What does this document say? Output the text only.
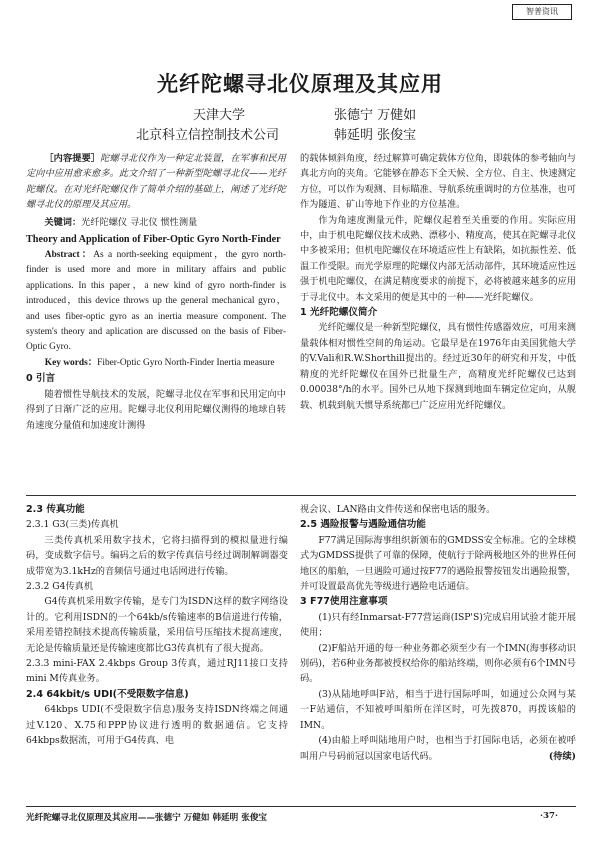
智普资讯
光纤陀螺寻北仪原理及其应用
天津大学	张德宁 万健如
北京科立信控制技术公司	韩延明 张俊宝

［内容提要］陀螺寻北仪作为一种定北装置，在军事和民用定向中应用愈来愈多。此文介绍了一种新型陀螺寻北仪——光纤陀螺仪。在对光纤陀螺仪作了简单介绍的基础上，阐述了光纤陀螺寻北仪的原理及其应用。

关键词：光纤陀螺仪 寻北仪 惯性测量

Theory and Application of Fiber-Optic Gyro North-Finder

Abstract：As a north-seeking equipment，the gyro north-finder is used more and more in military affairs and public applications. In this paper，a new kind of gyro north-finder is introduced，this device throws up the general mechanical gyro，and uses fiber-optic gyro as an inertia measure component. The system's theory and aplication are discussed on the basis of Fiber-Optic Gyro.

Key words：Fiber-Optic Gyro North-Finder Inertia measure

0 引言

随着惯性导航技术的发展，陀螺寻北仪在军事和民用定向中得到了日渐广泛的应用。陀螺寻北仪利用陀螺仪测得的地球自转角速度分量值和加速度计测得

的载体倾斜角度，经过解算可确定载体方位角，即载体的参考轴向与真北方向的夹角。它能够在静态下全天候、全方位、自主、快速测定方位，可以作为观测、目标瞄准、导航系统重调时的方位基准，也可作为隧道、矿山等地下作业的方位基准。

作为角速度测量元件，陀螺仪起着至关重要的作用。实际应用中，由于机电陀螺仪技术成熟、漂移小、精度高，使其在陀螺寻北仪中多被采用；但机电陀螺仪在环境适应性上有缺陷，如抗振性差、低温工作受限。而光学原理的陀螺仪内部无活动部件，其环境适应性远强于机电陀螺仪，在满足精度要求的前提下，必将被越来越多的应用于寻北仪中。本文采用的便是其中的一种——光纤陀螺仪。

1 光纤陀螺仪简介

光纤陀螺仪是一种新型陀螺仪，具有惯性传感器效应，可用来测量载体相对惯性空间的角运动。它最早是在1976年由美国犹他大学的V.Vali和R.W.Shorthill提出的。经过近30年的研究和开发，中低精度的光纤陀螺仪在国外已批量生产，高精度光纤陀螺仪已达到0.00038°/h的水平。国外已从地下探测到地面车辆定位定向，从舰载、机载到航天惯导系统都已广泛应用光纤陀螺仪。

2.3 传真功能

2.3.1 G3(三类)传真机

三类传真机采用数字技术，它将扫描得到的模拟量进行编码，变成数字信号。编码之后的数字传真信号经过调制解调器变成带宽为3.1kHz的音频信号通过电话网进行传输。

2.3.2 G4传真机

G4传真机采用数字传输，是专门为ISDN这样的数字网络设计的。它利用ISDN的一个64kb/s传输速率的B信道进行传输，采用差错控制技术提高传输质量，采用信号压缩技术提高速度，无论是传输质量还是传输速度都比G3传真机有了很大提高。

2.3.3 mini-FAX 2.4kbps Group 3传真，通过RJ11接口支持mini M传真业务。

2.4 64kbit/s UDI(不受限数字信息)

64kbps UDI(不受限数字信息)服务支持ISDN终端之间通过V.120、X.75和PPP协议进行透明的数据通信。它支持64kbps数据流，可用于G4传真、电

视会议、LAN路由文件传送和保密电话的服务。

2.5 遇险报警与遇险通信功能

F77满足国际海事组织新颁布的GMDSS安全标准。它的全球模式为GMDSS提供了可靠的保障，使航行于除两极地区外的世界任何地区的船舶，一旦遇险可通过按F77的遇险报警按钮发出遇险报警，并可设置最高优先等级进行遇险电话通信。

3 F77使用注意事项

(1)只有经Inmarsat-F77营运商(ISP'S)完成启用试验才能开展使用；

(2)F船站开通的每一种业务都必须至少有一个IMN(海事移动识别码)，若6种业务都被授权给你的船站终端，则你必须有6个IMN号码。

(3)从陆地呼叫F站，相当于进行国际呼叫，如通过公众网与某一F站通信，不知被呼叫船所在洋区时，可先拨870，再拨该船的IMN。

(4)由船上呼叫陆地用户时，也相当于打国际电话，必须在被呼叫用户号码前冠以国家电话代码。	(待续)

光纤陀螺寻北仪原理及其应用——张德宁 万健如 韩延明 张俊宝	·37·
